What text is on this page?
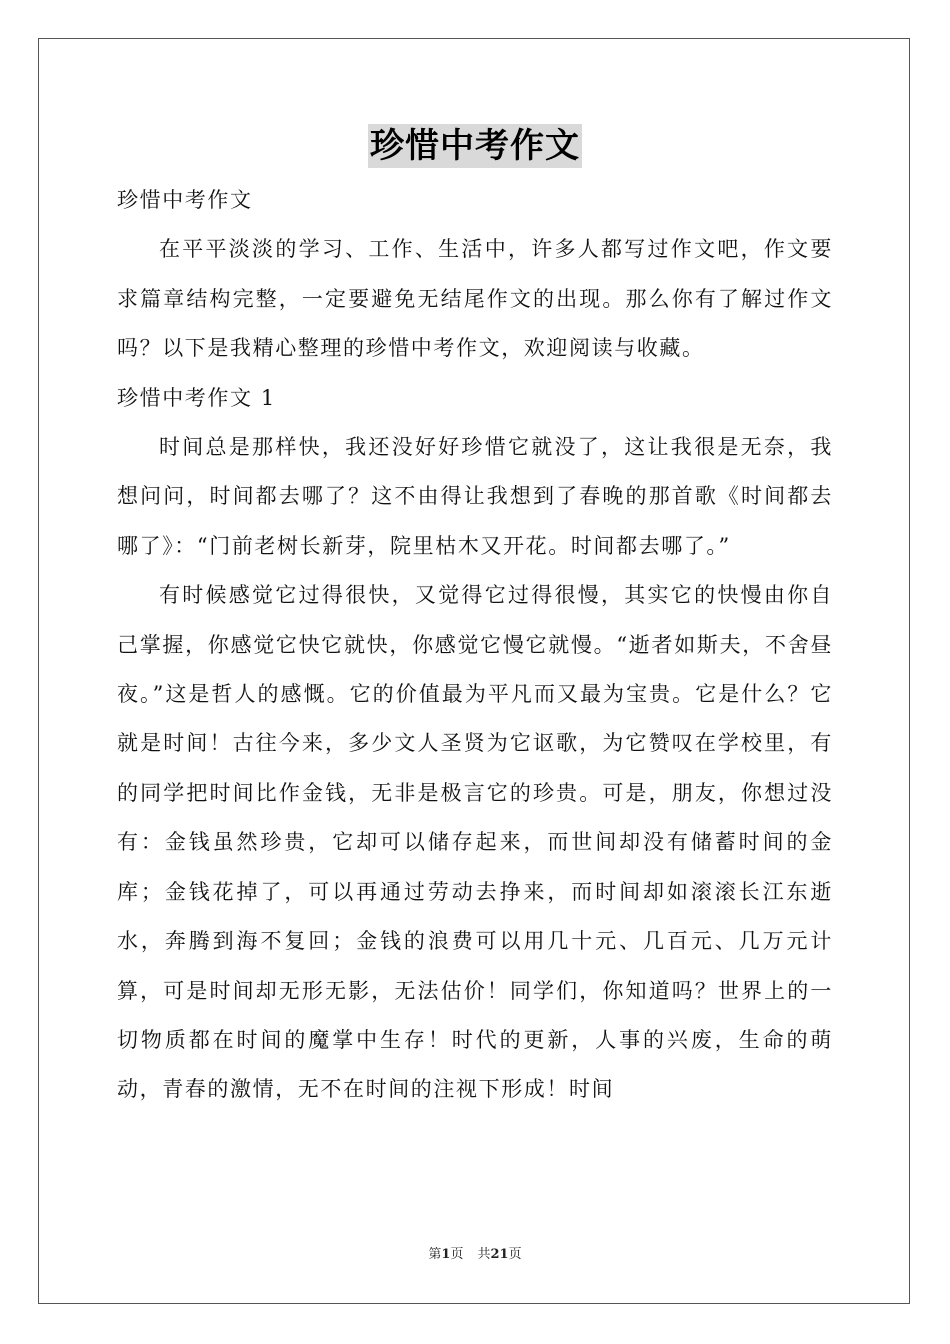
珍惜中考作文

珍惜中考作文

在平平淡淡的学习、工作、生活中，许多人都写过作文吧，作文要求篇章结构完整，一定要避免无结尾作文的出现。那么你有了解过作文吗？以下是我精心整理的珍惜中考作文，欢迎阅读与收藏。

珍惜中考作文 1

时间总是那样快，我还没好好珍惜它就没了，这让我很是无奈，我想问问，时间都去哪了？这不由得让我想到了春晚的那首歌《时间都去哪了》：“门前老树长新芽，院里枯木又开花。时间都去哪了。”

有时候感觉它过得很快，又觉得它过得很慢，其实它的快慢由你自己掌握，你感觉它快它就快，你感觉它慢它就慢。“逝者如斯夫，不舍昼夜。”这是哲人的感慨。它的价值最为平凡而又最为宝贵。它是什么？它就是时间！古往今来，多少文人圣贤为它讴歌，为它赞叹在学校里，有的同学把时间比作金钱，无非是极言它的珍贵。可是，朋友，你想过没有：金钱虽然珍贵，它却可以储存起来，而世间却没有储蓄时间的金库；金钱花掉了，可以再通过劳动去挣来，而时间却如滚滚长江东逝水，奔腾到海不复回；金钱的浪费可以用几十元、几百元、几万元计算，可是时间却无形无影，无法估价！同学们，你知道吗？世界上的一切物质都在时间的魔掌中生存！时代的更新，人事的兴废，生命的萌动，青春的激情，无不在时间的注视下形成！时间

第1页 共21页
